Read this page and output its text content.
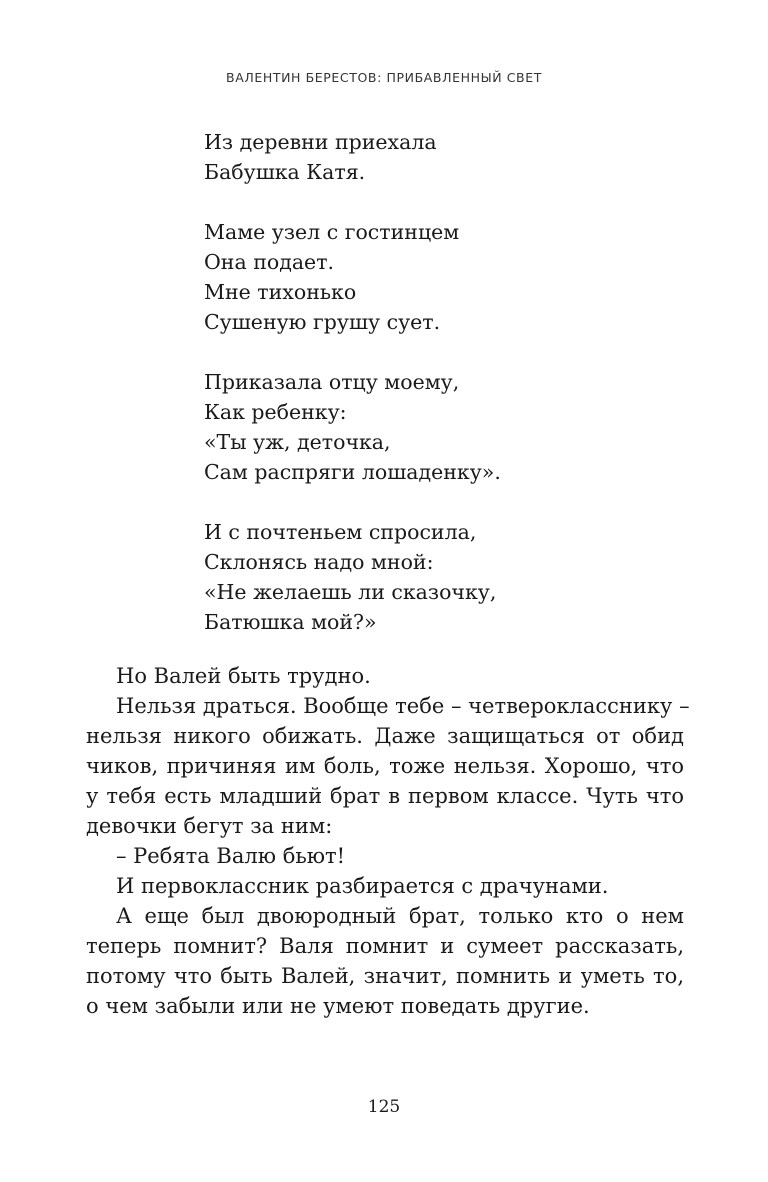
ВАЛЕНТИН БЕРЕСТОВ: ПРИБАВЛЕННЫЙ СВЕТ
Из деревни приехала
Бабушка Катя.
Маме узел с гостинцем
Она подает.
Мне тихонько
Сушеную грушу сует.
Приказала отцу моему,
Как ребенку:
«Ты уж, деточка,
Сам распряги лошаденку».
И с почтеньем спросила,
Склонясь надо мной:
«Не желаешь ли сказочку,
Батюшка мой?»
Но Валей быть трудно.
Нельзя драться. Вообще тебе – четверокласснику –
нельзя никого обижать. Даже защищаться от обид
чиков, причиняя им боль, тоже нельзя. Хорошо, что
у тебя есть младший брат в первом классе. Чуть что
девочки бегут за ним:
– Ребята Валю бьют!
И первоклассник разбирается с драчунами.
А еще был двоюродный брат, только кто о нем
теперь помнит? Валя помнит и сумеет рассказать,
потому что быть Валей, значит, помнить и уметь то,
о чем забыли или не умеют поведать другие.
125
